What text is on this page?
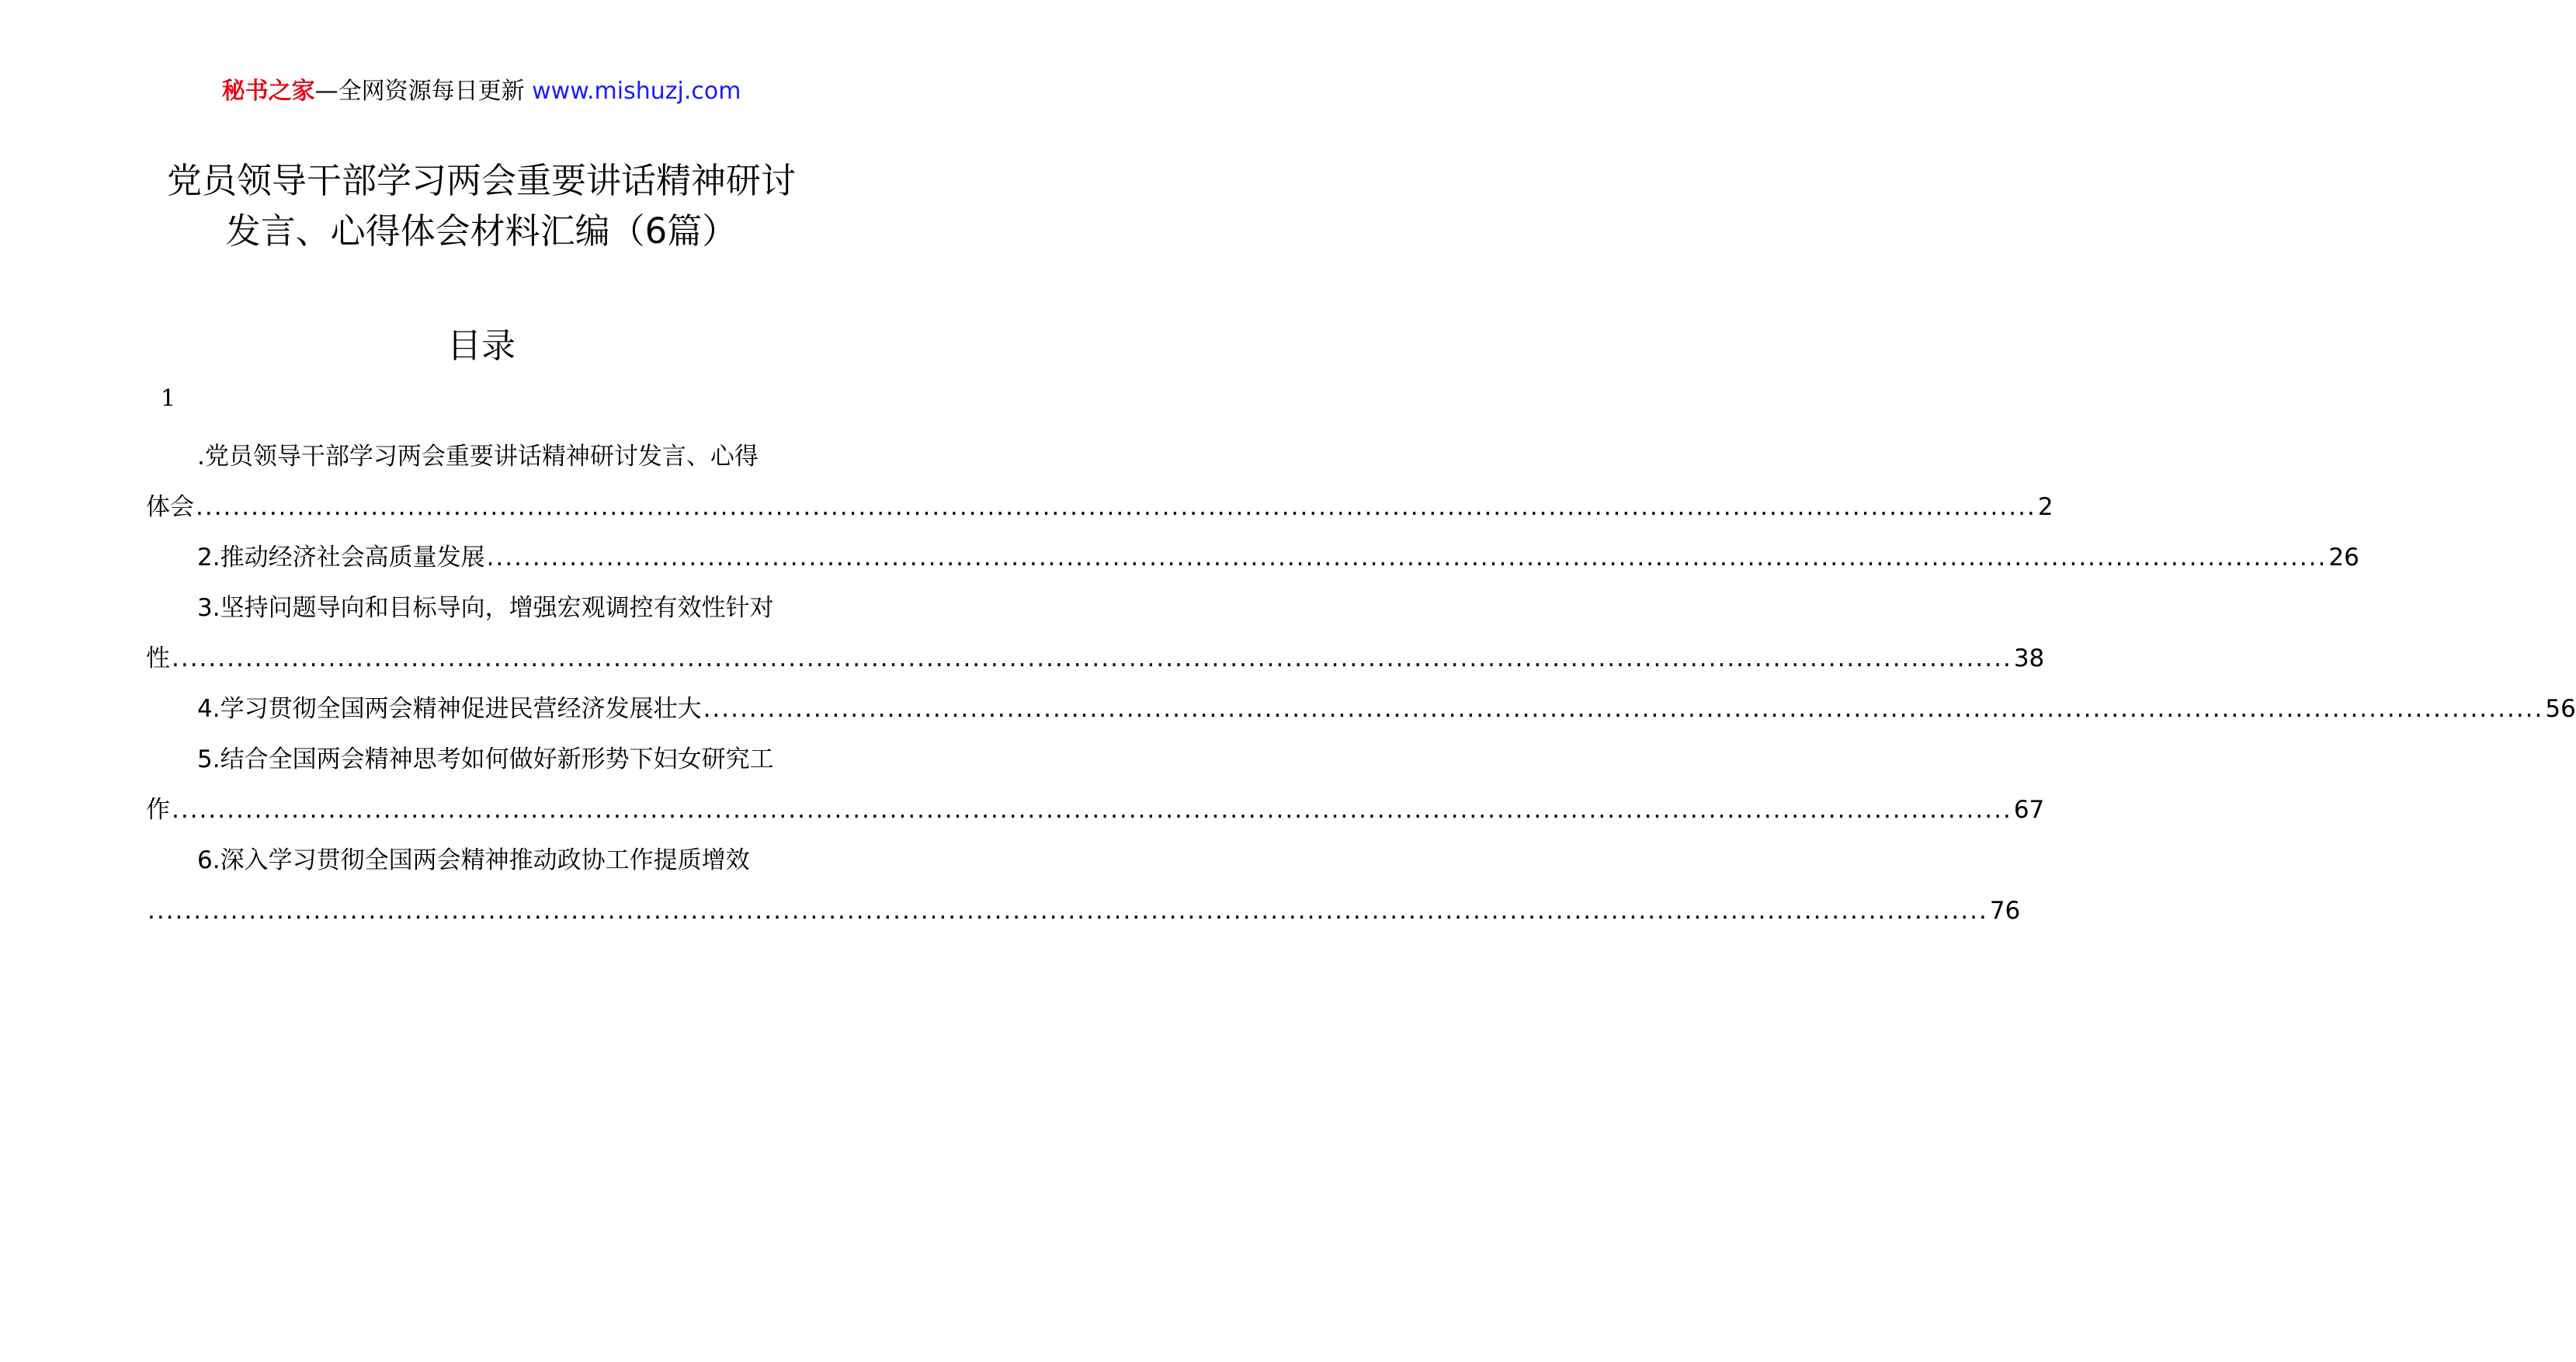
秘书之家—全网资源每日更新 www.mishuzj.com
党员领导干部学习两会重要讲话精神研讨
发言、心得体会材料汇编（6篇）
目录
1
.党员领导干部学习两会重要讲话精神研讨发言、心得
体会 ........................................................................................................................................................................................................ 2
2.推动经济社会高质量发展 ........................................................................................................................................................................................................ 26
3.坚持问题导向和目标导向，增强宏观调控有效性针对
性 ........................................................................................................................................................................................................ 38
4.学习贯彻全国两会精神促进民营经济发展壮大 ........................................................................................................................................................................................................ 56
5.结合全国两会精神思考如何做好新形势下妇女研究工
作 ........................................................................................................................................................................................................ 67
6.深入学习贯彻全国两会精神推动政协工作提质增效
........................................................................................................................................................................................................ 76
